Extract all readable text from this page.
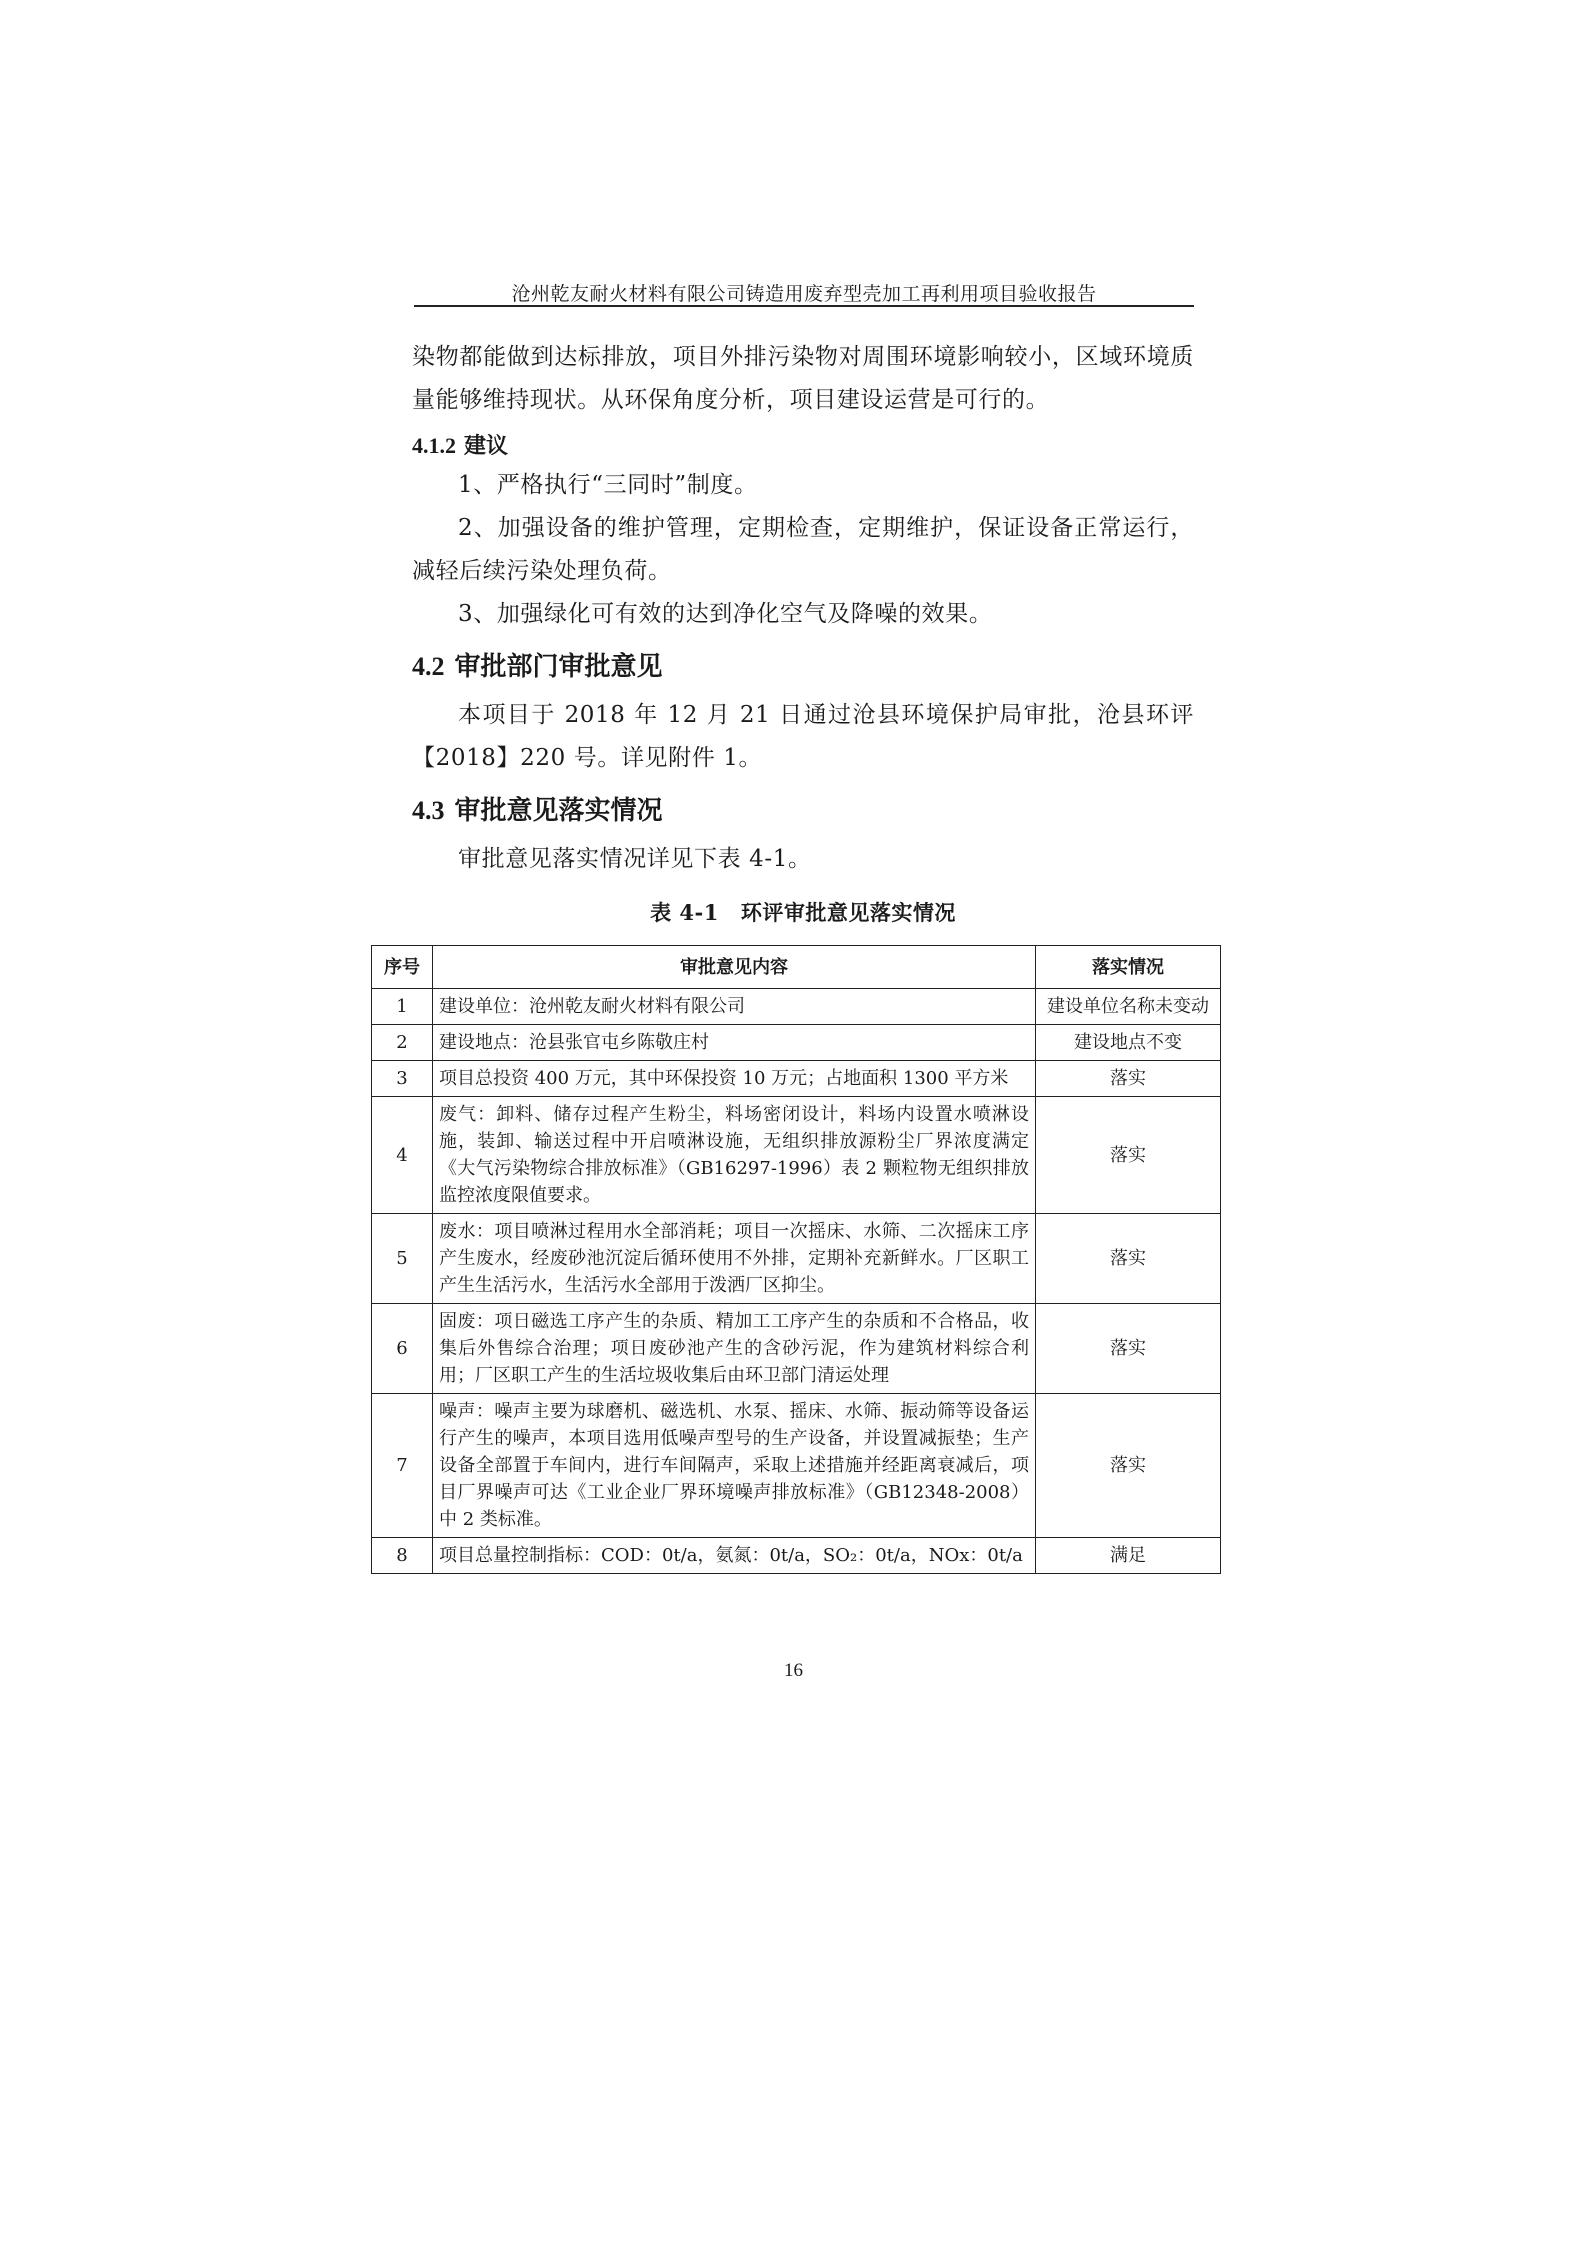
沧州乾友耐火材料有限公司铸造用废弃型壳加工再利用项目验收报告

染物都能做到达标排放，项目外排污染物对周围环境影响较小，区域环境质量能够维持现状。从环保角度分析，项目建设运营是可行的。

4.1.2 建议

1、严格执行“三同时”制度。

2、加强设备的维护管理，定期检查，定期维护，保证设备正常运行，减轻后续污染处理负荷。

3、加强绿化可有效的达到净化空气及降噪的效果。

4.2 审批部门审批意见

本项目于 2018 年 12 月 21 日通过沧县环境保护局审批，沧县环评【2018】220 号。详见附件 1。

4.3 审批意见落实情况

审批意见落实情况详见下表 4-1。

表 4-1 环评审批意见落实情况
序号	审批意见内容	落实情况
1	建设单位：沧州乾友耐火材料有限公司	建设单位名称未变动
2	建设地点：沧县张官屯乡陈敬庄村	建设地点不变
3	项目总投资 400 万元，其中环保投资 10 万元；占地面积 1300 平方米	落实
4	废气：卸料、储存过程产生粉尘，料场密闭设计，料场内设置水喷淋设施，装卸、输送过程中开启喷淋设施，无组织排放源粉尘厂界浓度满定《大气污染物综合排放标准》（GB16297-1996）表 2 颗粒物无组织排放监控浓度限值要求。	落实
5	废水：项目喷淋过程用水全部消耗；项目一次摇床、水筛、二次摇床工序产生废水，经废砂池沉淀后循环使用不外排，定期补充新鲜水。厂区职工产生生活污水，生活污水全部用于泼洒厂区抑尘。	落实
6	固废：项日磁选工序产生的杂质、精加工工序产生的杂质和不合格品，收集后外售综合治理；项日废砂池产生的含砂污泥，作为建筑材料综合利用；厂区职工产生的生活垃圾收集后由环卫部门清运处理	落实
7	噪声：噪声主要为球磨机、磁选机、水泵、摇床、水筛、振动筛等设备运行产生的噪声，本项目选用低噪声型号的生产设备，并设置减振垫；生产设备全部置于车间内，进行车间隔声，采取上述措施并经距离衰减后，项目厂界噪声可达《工业企业厂界环境噪声排放标准》（GB12348-2008）中 2 类标准。	落实
8	项目总量控制指标：COD：0t/a，氨氮：0t/a，SO₂：0t/a，NOx：0t/a	满足
16
